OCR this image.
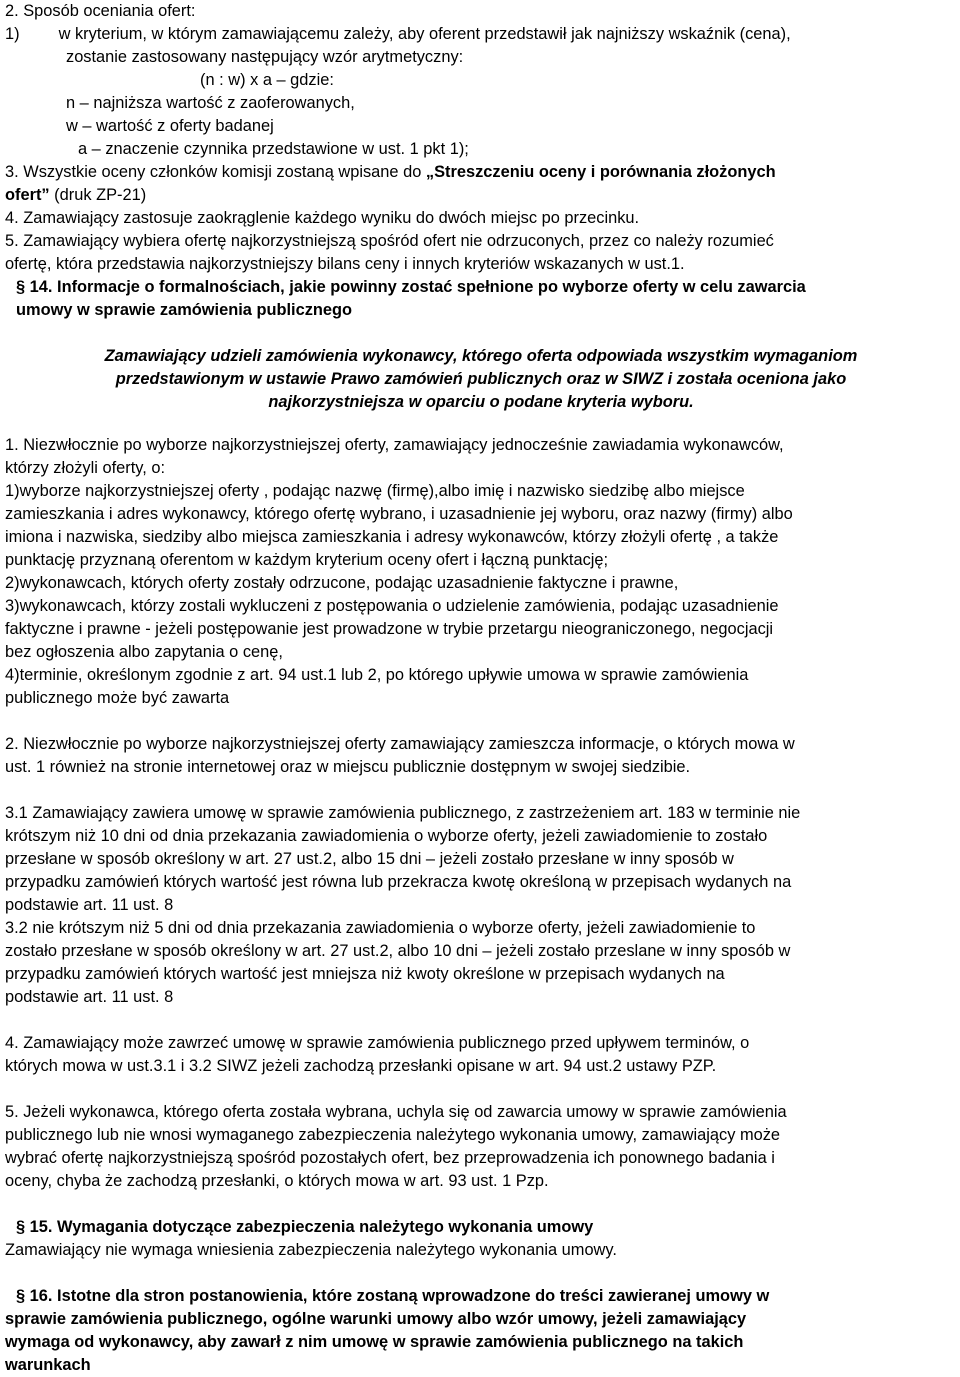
2. Sposób oceniania ofert:
1) w kryterium, w którym zamawiającemu zależy, aby oferent przedstawił jak najniższy wskaźnik (cena),
zostanie zastosowany następujący wzór arytmetyczny:
(n : w) x a – gdzie:
n – najniższa wartość z zaoferowanych,
w – wartość z oferty badanej
a – znaczenie czynnika przedstawione w ust. 1 pkt 1);
3. Wszystkie oceny członków komisji zostaną wpisane do „Streszczeniu oceny i porównania złożonych
ofert” (druk ZP-21)
4. Zamawiający zastosuje zaokrąglenie każdego wyniku do dwóch miejsc po przecinku.
5. Zamawiający wybiera ofertę najkorzystniejszą spośród ofert nie odrzuconych, przez co należy rozumieć
ofertę, która przedstawia najkorzystniejszy bilans ceny i innych kryteriów wskazanych w ust.1.
§ 14. Informacje o formalnościach, jakie powinny zostać spełnione po wyborze oferty w celu zawarcia
umowy w sprawie zamówienia publicznego
Zamawiający udzieli zamówienia wykonawcy, którego oferta odpowiada wszystkim wymaganiom
przedstawionym w ustawie Prawo zamówień publicznych oraz w SIWZ i została oceniona jako
najkorzystniejsza w oparciu o podane kryteria wyboru.
1. Niezwłocznie po wyborze najkorzystniejszej oferty, zamawiający jednocześnie zawiadamia wykonawców,
którzy złożyli oferty, o:
1)wyborze najkorzystniejszej oferty , podając nazwę (firmę),albo imię i nazwisko siedzibę albo miejsce
zamieszkania i adres wykonawcy, którego ofertę wybrano, i uzasadnienie jej wyboru, oraz nazwy (firmy) albo
imiona i nazwiska, siedziby albo miejsca zamieszkania i adresy wykonawców, którzy złożyli ofertę , a także
punktację przyznaną oferentom w każdym kryterium oceny ofert i łączną punktację;
2)wykonawcach, których oferty zostały odrzucone, podając uzasadnienie faktyczne i prawne,
3)wykonawcach, którzy zostali wykluczeni z postępowania o udzielenie zamówienia, podając uzasadnienie
faktyczne i prawne - jeżeli postępowanie jest prowadzone w trybie przetargu nieograniczonego, negocjacji
bez ogłoszenia albo zapytania o cenę,
4)terminie, określonym zgodnie z art. 94 ust.1 lub 2, po którego upływie umowa w sprawie zamówienia
publicznego może być zawarta
2. Niezwłocznie po wyborze najkorzystniejszej oferty zamawiający zamieszcza informacje, o których mowa w
ust. 1 również na stronie internetowej oraz w miejscu publicznie dostępnym w swojej siedzibie.
3.1 Zamawiający zawiera umowę w sprawie zamówienia publicznego, z zastrzeżeniem art. 183 w terminie nie
krótszym niż 10 dni od dnia przekazania zawiadomienia o wyborze oferty, jeżeli zawiadomienie to zostało
przesłane w sposób określony w art. 27 ust.2, albo 15 dni – jeżeli zostało przesłane w inny sposób w
przypadku zamówień których wartość jest równa lub przekracza kwotę określoną w przepisach wydanych na
podstawie art. 11 ust. 8
3.2 nie krótszym niż 5 dni od dnia przekazania zawiadomienia o wyborze oferty, jeżeli zawiadomienie to
zostało przesłane w sposób określony w art. 27 ust.2, albo 10 dni – jeżeli zostało przeslane w inny sposób w
przypadku zamówień których wartość jest mniejsza niż kwoty określone w przepisach wydanych na
podstawie art. 11 ust. 8
4. Zamawiający może zawrzeć umowę w sprawie zamówienia publicznego przed upływem terminów, o
których mowa w ust.3.1 i 3.2 SIWZ jeżeli zachodzą przesłanki opisane w art. 94 ust.2 ustawy PZP.
5. Jeżeli wykonawca, którego oferta została wybrana, uchyla się od zawarcia umowy w sprawie zamówienia
publicznego lub nie wnosi wymaganego zabezpieczenia należytego wykonania umowy, zamawiający może
wybrać ofertę najkorzystniejszą spośród pozostałych ofert, bez przeprowadzenia ich ponownego badania i
oceny, chyba że zachodzą przesłanki, o których mowa w art. 93 ust. 1 Pzp.
§ 15. Wymagania dotyczące zabezpieczenia należytego wykonania umowy
Zamawiający nie wymaga wniesienia zabezpieczenia należytego wykonania umowy.
§ 16. Istotne dla stron postanowienia, które zostaną wprowadzone do treści zawieranej umowy w
sprawie zamówienia publicznego, ogólne warunki umowy albo wzór umowy, jeżeli zamawiający
wymaga od wykonawcy, aby zawarł z nim umowę w sprawie zamówienia publicznego na takich
warunkach
